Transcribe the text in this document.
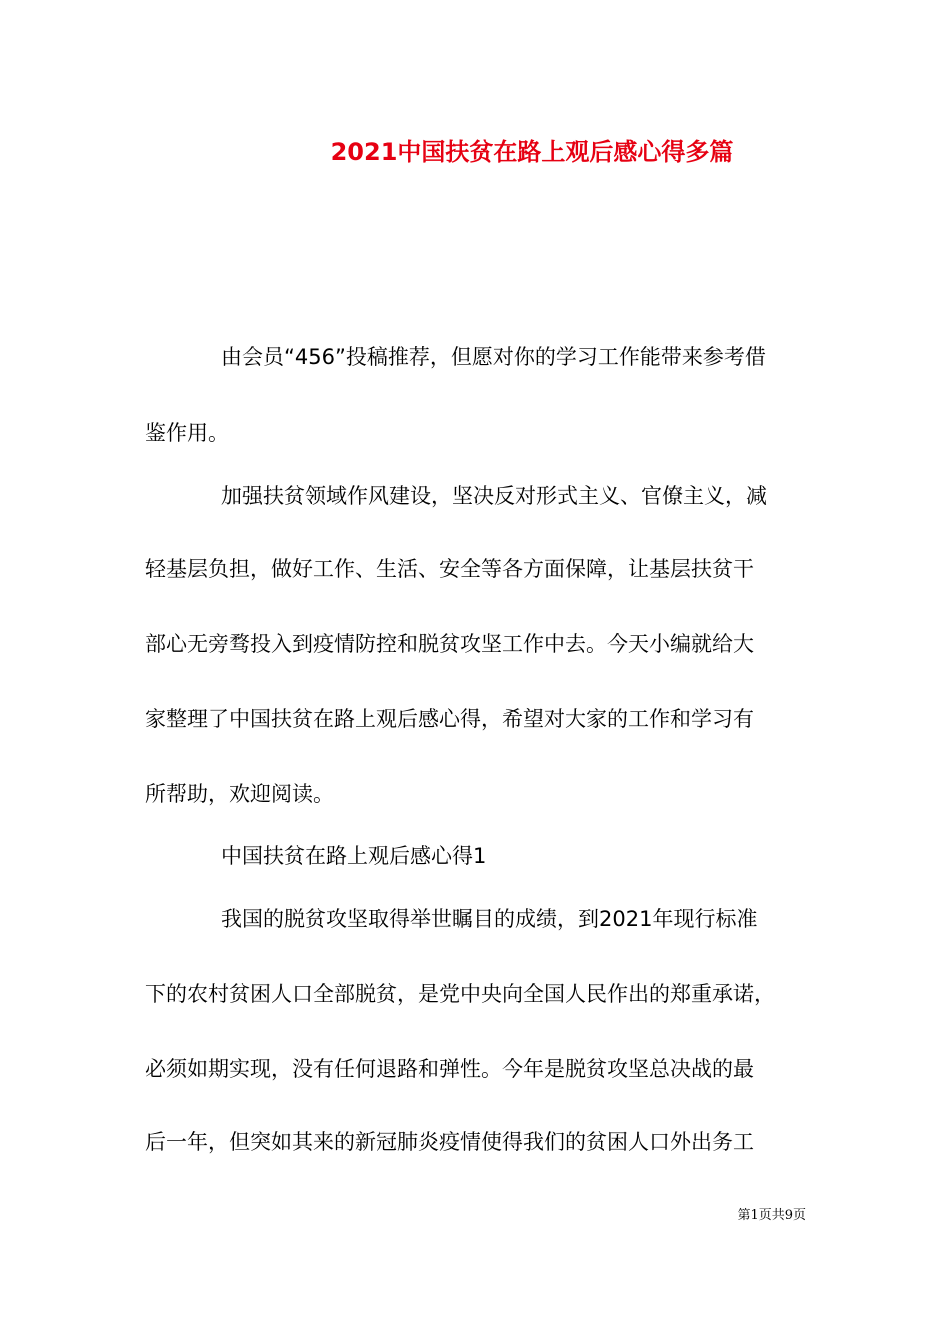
2021中国扶贫在路上观后感心得多篇
由会员“456”投稿推荐，但愿对你的学习工作能带来参考借
鉴作用。
加强扶贫领域作风建设，坚决反对形式主义、官僚主义，减
轻基层负担，做好工作、生活、安全等各方面保障，让基层扶贫干
部心无旁骛投入到疫情防控和脱贫攻坚工作中去。今天小编就给大
家整理了中国扶贫在路上观后感心得，希望对大家的工作和学习有
所帮助，欢迎阅读。
中国扶贫在路上观后感心得1
我国的脱贫攻坚取得举世瞩目的成绩，到2021年现行标准
下的农村贫困人口全部脱贫，是党中央向全国人民作出的郑重承诺，
必须如期实现，没有任何退路和弹性。今年是脱贫攻坚总决战的最
后一年，但突如其来的新冠肺炎疫情使得我们的贫困人口外出务工
第1页共9页
